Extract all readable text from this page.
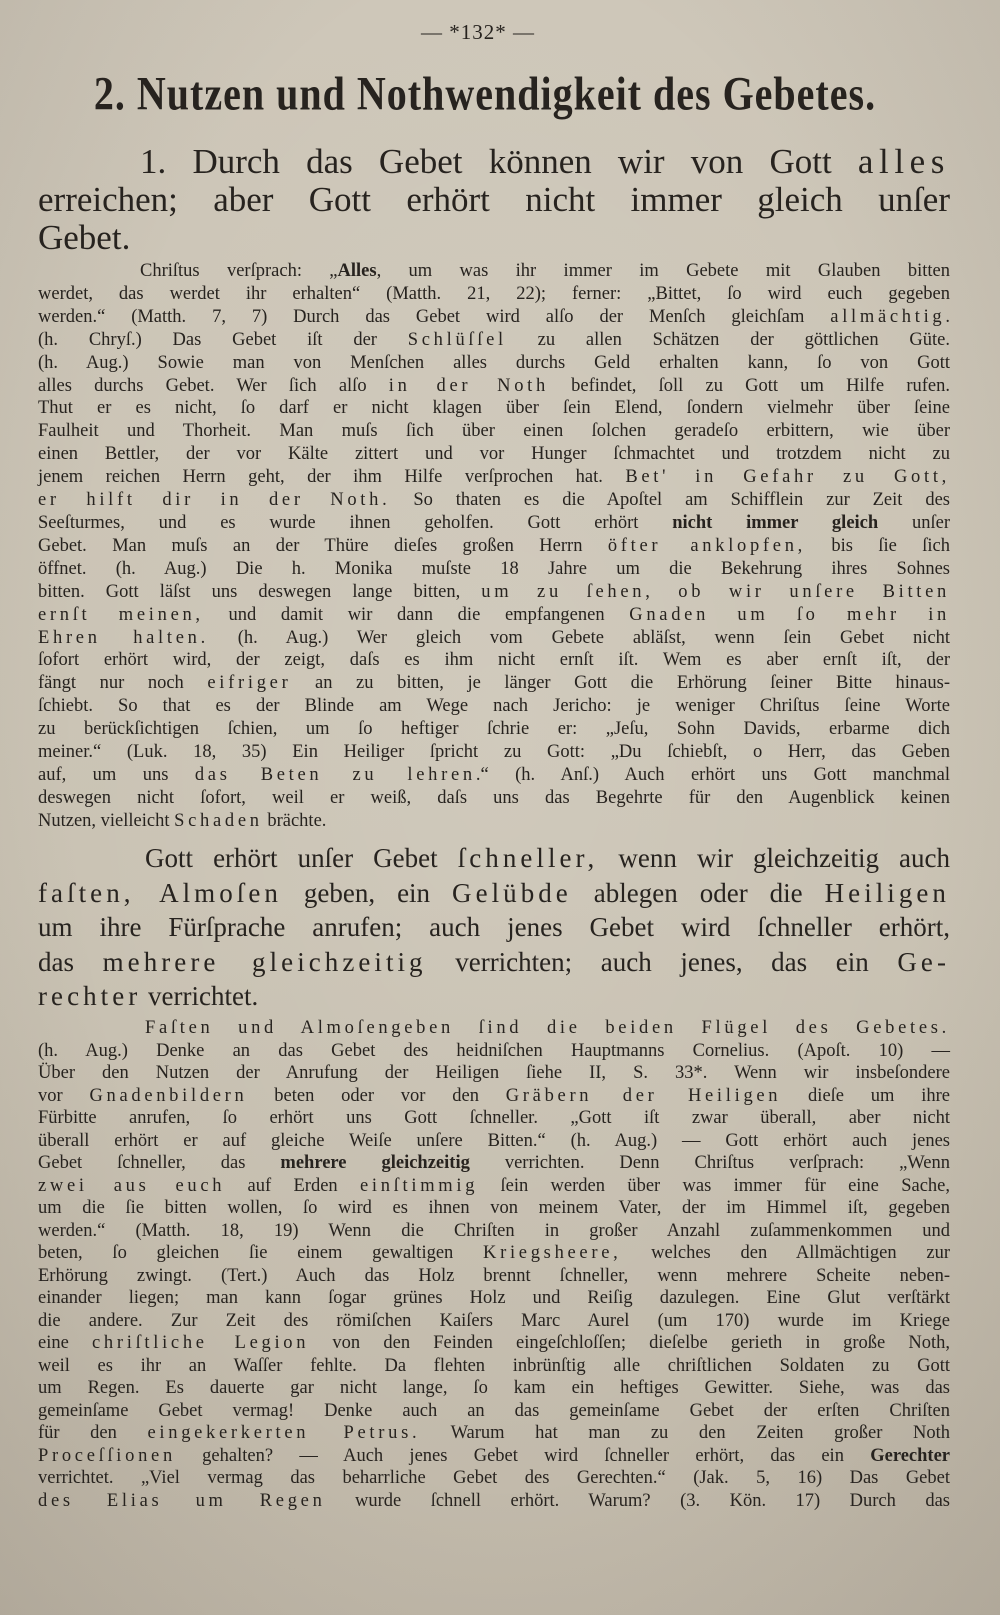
— *132* —
2. Nutzen und Nothwendigkeit des Gebetes.
1. Durch das Gebet können wir von Gott alles
erreichen; aber Gott erhört nicht immer gleich unſer
Gebet.
Chriſtus verſprach: „Alles, um was ihr immer im Gebete mit Glauben bitten
werdet, das werdet ihr erhalten“ (Matth. 21, 22); ferner: „Bittet, ſo wird euch gegeben
werden.“ (Matth. 7, 7) Durch das Gebet wird alſo der Menſch gleichſam allmächtig.
(h. Chryſ.) Das Gebet iſt der Schlüſſel zu allen Schätzen der göttlichen Güte.
(h. Aug.) Sowie man von Menſchen alles durchs Geld erhalten kann, ſo von Gott
alles durchs Gebet. Wer ſich alſo in der Noth befindet, ſoll zu Gott um Hilfe rufen.
Thut er es nicht, ſo darf er nicht klagen über ſein Elend, ſondern vielmehr über ſeine
Faulheit und Thorheit. Man muſs ſich über einen ſolchen geradeſo erbittern, wie über
einen Bettler, der vor Kälte zittert und vor Hunger ſchmachtet und trotzdem nicht zu
jenem reichen Herrn geht, der ihm Hilfe verſprochen hat. Bet' in Gefahr zu Gott,
er hilft dir in der Noth. So thaten es die Apoſtel am Schifflein zur Zeit des
Seeſturmes, und es wurde ihnen geholfen. Gott erhört nicht immer gleich unſer
Gebet. Man muſs an der Thüre dieſes großen Herrn öfter anklopfen, bis ſie ſich
öffnet. (h. Aug.) Die h. Monika muſste 18 Jahre um die Bekehrung ihres Sohnes
bitten. Gott läſst uns deswegen lange bitten, um zu ſehen, ob wir unſere Bitten
ernſt meinen, und damit wir dann die empfangenen Gnaden um ſo mehr in
Ehren halten. (h. Aug.) Wer gleich vom Gebete abläſst, wenn ſein Gebet nicht
ſofort erhört wird, der zeigt, daſs es ihm nicht ernſt iſt. Wem es aber ernſt iſt, der
fängt nur noch eifriger an zu bitten, je länger Gott die Erhörung ſeiner Bitte hinaus-
ſchiebt. So that es der Blinde am Wege nach Jericho: je weniger Chriſtus ſeine Worte
zu berückſichtigen ſchien, um ſo heftiger ſchrie er: „Jeſu, Sohn Davids, erbarme dich
meiner.“ (Luk. 18, 35) Ein Heiliger ſpricht zu Gott: „Du ſchiebſt, o Herr, das Geben
auf, um uns das Beten zu lehren.“ (h. Anſ.) Auch erhört uns Gott manchmal
deswegen nicht ſofort, weil er weiß, daſs uns das Begehrte für den Augenblick keinen
Nutzen, vielleicht Schaden brächte.
Gott erhört unſer Gebet ſchneller, wenn wir gleichzeitig auch
faſten, Almoſen geben, ein Gelübde ablegen oder die Heiligen
um ihre Fürſprache anrufen; auch jenes Gebet wird ſchneller erhört,
das mehrere gleichzeitig verrichten; auch jenes, das ein Ge-
rechter verrichtet.
Faſten und Almoſengeben ſind die beiden Flügel des Gebetes.
(h. Aug.) Denke an das Gebet des heidniſchen Hauptmanns Cornelius. (Apoſt. 10) —
Über den Nutzen der Anrufung der Heiligen ſiehe II, S. 33*. Wenn wir insbeſondere
vor Gnadenbildern beten oder vor den Gräbern der Heiligen dieſe um ihre
Fürbitte anrufen, ſo erhört uns Gott ſchneller. „Gott iſt zwar überall, aber nicht
überall erhört er auf gleiche Weiſe unſere Bitten.“ (h. Aug.) — Gott erhört auch jenes
Gebet ſchneller, das mehrere gleichzeitig verrichten. Denn Chriſtus verſprach: „Wenn
zwei aus euch auf Erden einſtimmig ſein werden über was immer für eine Sache,
um die ſie bitten wollen, ſo wird es ihnen von meinem Vater, der im Himmel iſt, gegeben
werden.“ (Matth. 18, 19) Wenn die Chriſten in großer Anzahl zuſammenkommen und
beten, ſo gleichen ſie einem gewaltigen Kriegsheere, welches den Allmächtigen zur
Erhörung zwingt. (Tert.) Auch das Holz brennt ſchneller, wenn mehrere Scheite neben-
einander liegen; man kann ſogar grünes Holz und Reiſig dazulegen. Eine Glut verſtärkt
die andere. Zur Zeit des römiſchen Kaiſers Marc Aurel (um 170) wurde im Kriege
eine chriſtliche Legion von den Feinden eingeſchloſſen; dieſelbe gerieth in große Noth,
weil es ihr an Waſſer fehlte. Da flehten inbrünſtig alle chriſtlichen Soldaten zu Gott
um Regen. Es dauerte gar nicht lange, ſo kam ein heftiges Gewitter. Siehe, was das
gemeinſame Gebet vermag! Denke auch an das gemeinſame Gebet der erſten Chriſten
für den eingekerkerten Petrus. Warum hat man zu den Zeiten großer Noth
Proceſſionen gehalten? — Auch jenes Gebet wird ſchneller erhört, das ein Gerechter
verrichtet. „Viel vermag das beharrliche Gebet des Gerechten.“ (Jak. 5, 16) Das Gebet
des Elias um Regen wurde ſchnell erhört. Warum? (3. Kön. 17) Durch das
